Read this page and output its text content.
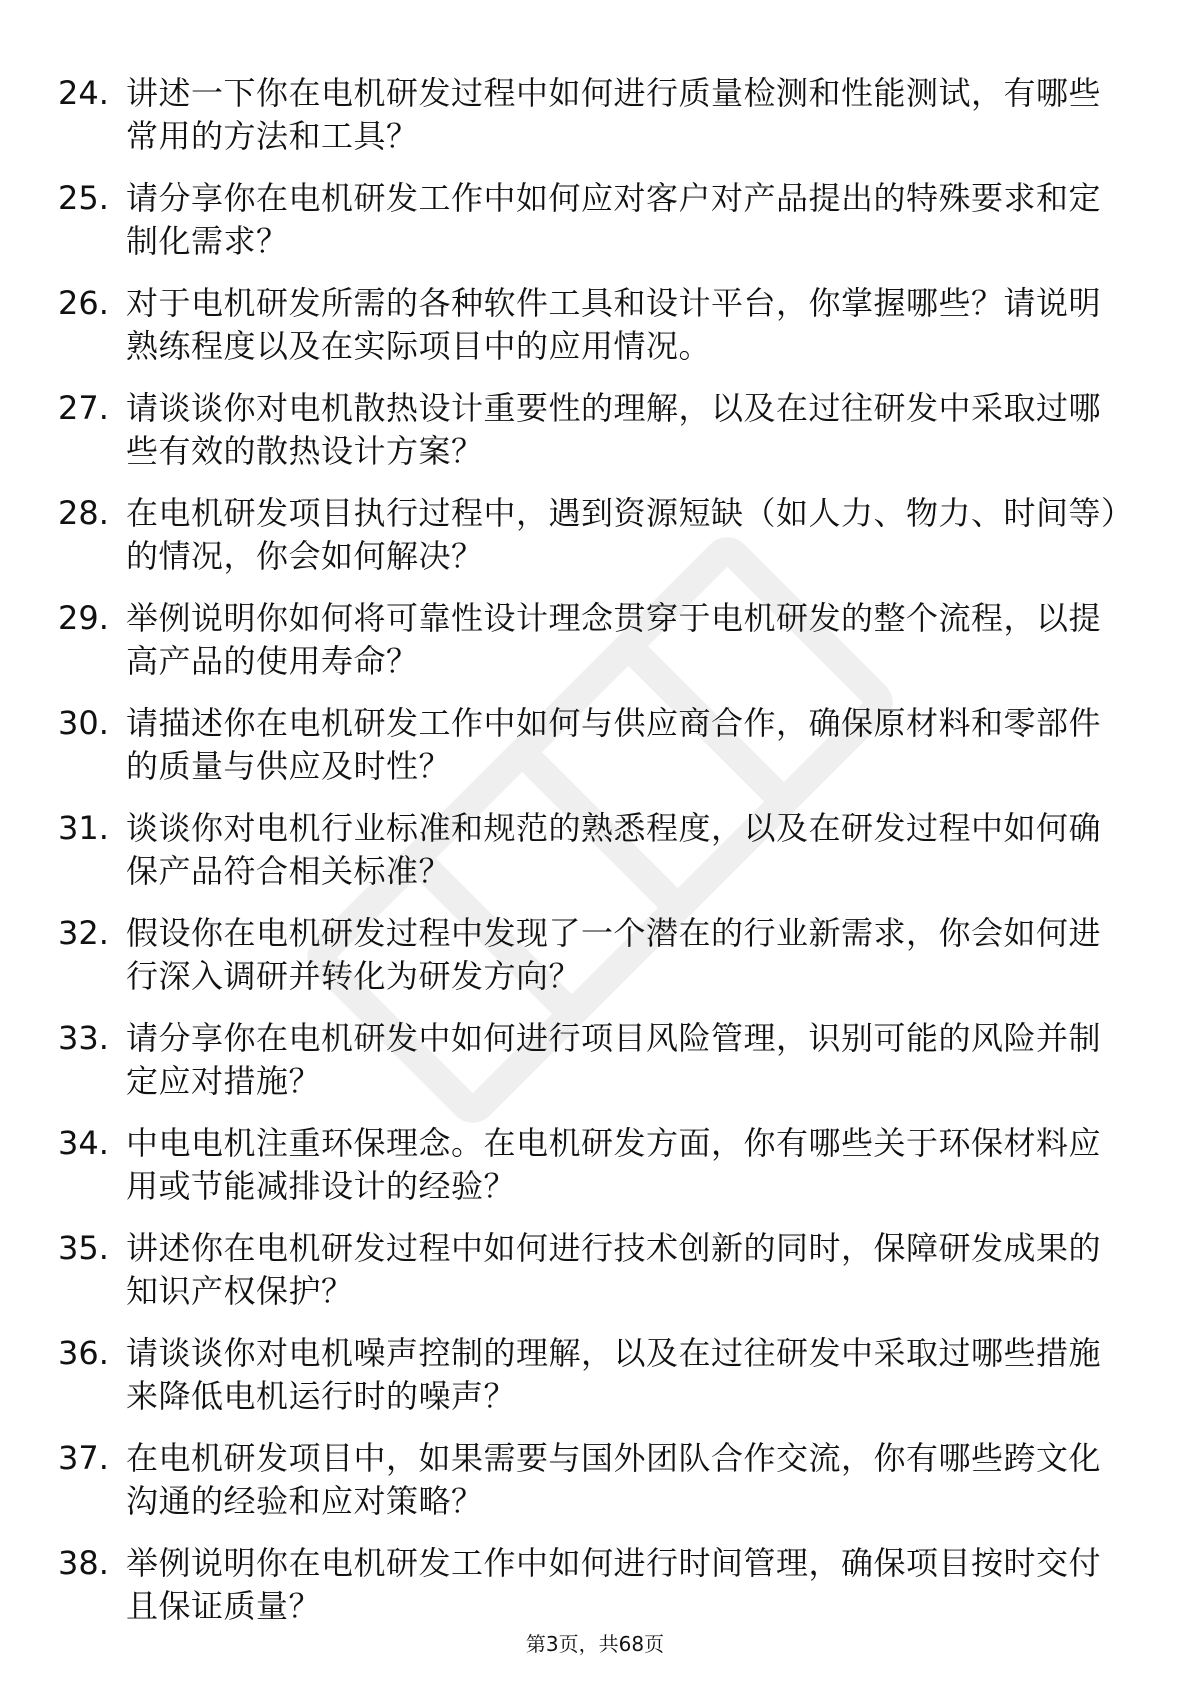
24. 讲述一下你在电机研发过程中如何进行质量检测和性能测试，有哪些常用的方法和工具？
25. 请分享你在电机研发工作中如何应对客户对产品提出的特殊要求和定制化需求？
26. 对于电机研发所需的各种软件工具和设计平台，你掌握哪些？请说明熟练程度以及在实际项目中的应用情况。
27. 请谈谈你对电机散热设计重要性的理解，以及在过往研发中采取过哪些有效的散热设计方案？
28. 在电机研发项目执行过程中，遇到资源短缺（如人力、物力、时间等）的情况，你会如何解决？
29. 举例说明你如何将可靠性设计理念贯穿于电机研发的整个流程，以提高产品的使用寿命？
30. 请描述你在电机研发工作中如何与供应商合作，确保原材料和零部件的质量与供应及时性？
31. 谈谈你对电机行业标准和规范的熟悉程度，以及在研发过程中如何确保产品符合相关标准？
32. 假设你在电机研发过程中发现了一个潜在的行业新需求，你会如何进行深入调研并转化为研发方向？
33. 请分享你在电机研发中如何进行项目风险管理，识别可能的风险并制定应对措施？
34. 中电电机注重环保理念。在电机研发方面，你有哪些关于环保材料应用或节能减排设计的经验？
35. 讲述你在电机研发过程中如何进行技术创新的同时，保障研发成果的知识产权保护？
36. 请谈谈你对电机噪声控制的理解，以及在过往研发中采取过哪些措施来降低电机运行时的噪声？
37. 在电机研发项目中，如果需要与国外团队合作交流，你有哪些跨文化沟通的经验和应对策略？
38. 举例说明你在电机研发工作中如何进行时间管理，确保项目按时交付且保证质量？
第3页，共68页
